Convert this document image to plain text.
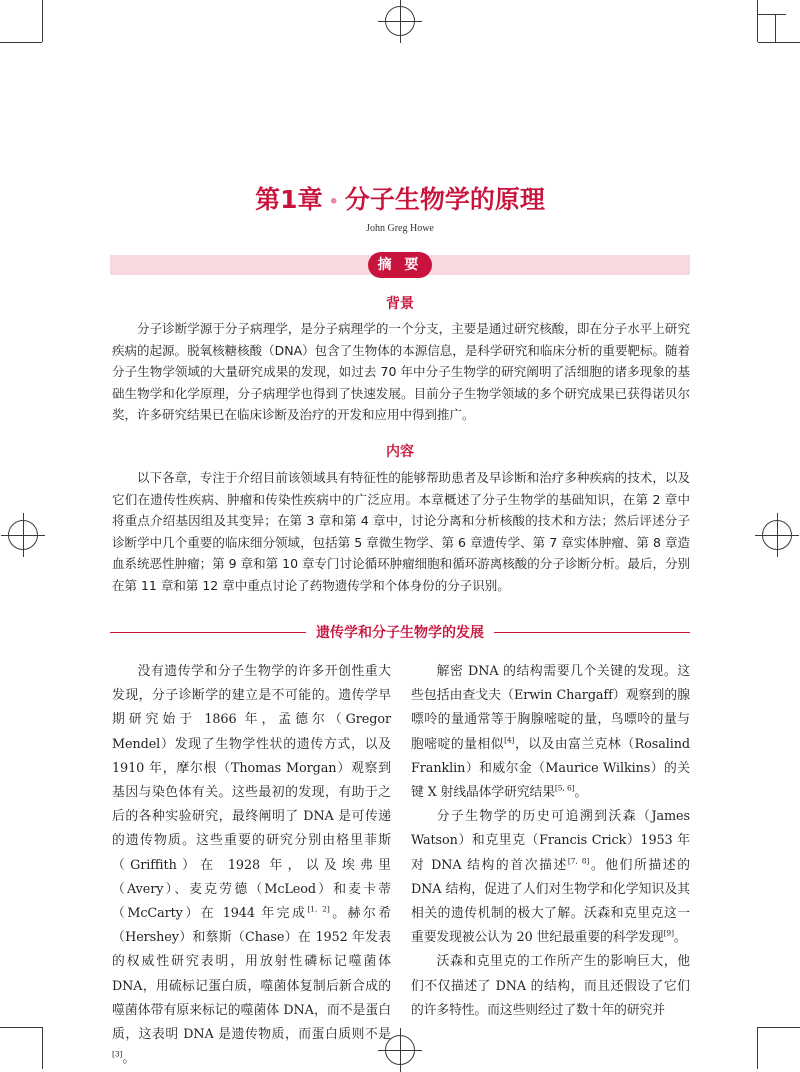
第1章 • 分子生物学的原理
John Greg Howe
摘 要
背景

分子诊断学源于分子病理学，是分子病理学的一个分支，主要是通过研究核酸，即在分子水平上研究疾病的起源。脱氧核糖核酸（DNA）包含了生物体的本源信息，是科学研究和临床分析的重要靶标。随着分子生物学领域的大量研究成果的发现，如过去 70 年中分子生物学的研究阐明了活细胞的诸多现象的基础生物学和化学原理，分子病理学也得到了快速发展。目前分子生物学领域的多个研究成果已获得诺贝尔奖，许多研究结果已在临床诊断及治疗的开发和应用中得到推广。

内容

以下各章，专注于介绍目前该领域具有特征性的能够帮助患者及早诊断和治疗多种疾病的技术，以及它们在遗传性疾病、肿瘤和传染性疾病中的广泛应用。本章概述了分子生物学的基础知识，在第 2 章中将重点介绍基因组及其变异；在第 3 章和第 4 章中，讨论分离和分析核酸的技术和方法；然后评述分子诊断学中几个重要的临床细分领域，包括第 5 章微生物学、第 6 章遗传学、第 7 章实体肿瘤、第 8 章造血系统恶性肿瘤；第 9 章和第 10 章专门讨论循环肿瘤细胞和循环游离核酸的分子诊断分析。最后，分别在第 11 章和第 12 章中重点讨论了药物遗传学和个体身份的分子识别。

遗传学和分子生物学的发展

没有遗传学和分子生物学的许多开创性重大发现，分子诊断学的建立是不可能的。遗传学早期研究始于 1866 年，孟德尔（Gregor Mendel）发现了生物学性状的遗传方式，以及 1910 年，摩尔根（Thomas Morgan）观察到基因与染色体有关。这些最初的发现，有助于之后的各种实验研究，最终阐明了 DNA 是可传递的遗传物质。这些重要的研究分别由格里菲斯（Griffith）在 1928 年，以及埃弗里（Avery）、麦克劳德（McLeod）和麦卡蒂（McCarty）在 1944 年完成[1, 2]。赫尔希（Hershey）和蔡斯（Chase）在 1952 年发表的权威性研究表明，用放射性磷标记噬菌体 DNA，用硫标记蛋白质，噬菌体复制后新合成的噬菌体带有原来标记的噬菌体 DNA，而不是蛋白质，这表明 DNA 是遗传物质，而蛋白质则不是[3]。

解密 DNA 的结构需要几个关键的发现。这些包括由查戈夫（Erwin Chargaff）观察到的腺嘌呤的量通常等于胸腺嘧啶的量，鸟嘌呤的量与胞嘧啶的量相似[4]，以及由富兰克林（Rosalind Franklin）和威尔金（Maurice Wilkins）的关键 X 射线晶体学研究结果[5, 6]。

分子生物学的历史可追溯到沃森（James Watson）和克里克（Francis Crick）1953 年对 DNA 结构的首次描述[7, 8]。他们所描述的 DNA 结构，促进了人们对生物学和化学知识及其相关的遗传机制的极大了解。沃森和克里克这一重要发现被公认为 20 世纪最重要的科学发现[9]。

沃森和克里克的工作所产生的影响巨大，他们不仅描述了 DNA 的结构，而且还假设了它们的许多特性。而这些则经过了数十年的研究并
